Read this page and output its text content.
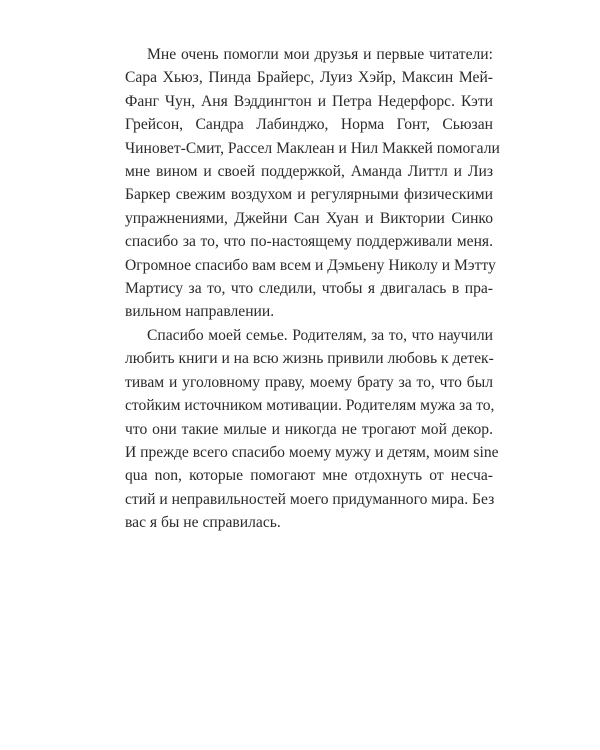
Мне очень помогли мои друзья и первые читатели:
Сара Хьюз, Пинда Брайерс, Луиз Хэйр, Максин Мей-
Фанг Чун, Аня Вэддингтон и Петра Недерфорс. Кэти
Грейсон, Сандра Лабинджо, Норма Гонт, Сьюзан
Чиновет-Смит, Рассел Маклеан и Нил Маккей помогали
мне вином и своей поддержкой, Аманда Литтл и Лиз
Баркер свежим воздухом и регулярными физическими
упражнениями, Джейни Сан Хуан и Виктории Синко
спасибо за то, что по-настоящему поддерживали меня.
Огромное спасибо вам всем и Дэмьену Николу и Мэтту
Мартису за то, что следили, чтобы я двигалась в пра-
вильном направлении.
Спасибо моей семье. Родителям, за то, что научили
любить книги и на всю жизнь привили любовь к детек-
тивам и уголовному праву, моему брату за то, что был
стойким источником мотивации. Родителям мужа за то,
что они такие милые и никогда не трогают мой декор.
И прежде всего спасибо моему мужу и детям, моим sine
qua non, которые помогают мне отдохнуть от несча-
стий и неправильностей моего придуманного мира. Без
вас я бы не справилась.
